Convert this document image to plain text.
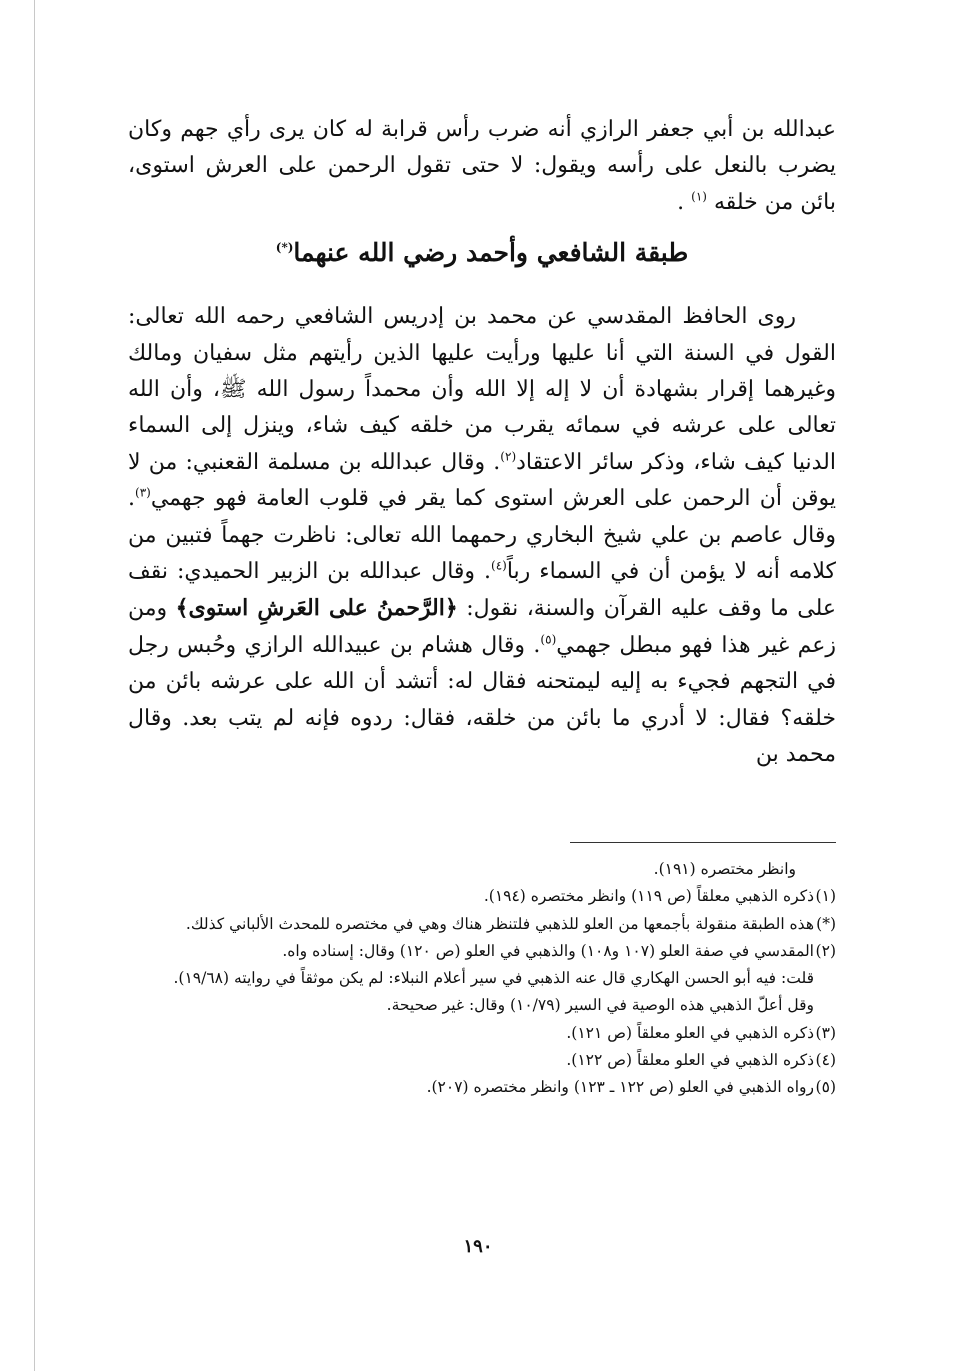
عبدالله بن أبي جعفر الرازي أنه ضرب رأس قرابة له كان يرى رأي جهم وكان يضرب بالنعل على رأسه ويقول: لا حتى تقول الرحمن على العرش استوى، بائن من خلقه $^{(١)}$ .

طبقة الشافعي وأحمد رضي الله عنهما(*)

روى الحافظ المقدسي عن محمد بن إدريس الشافعي رحمه الله تعالى: القول في السنة التي أنا عليها ورأيت عليها الذين رأيتهم مثل سفيان ومالك وغيرهما إقرار بشهادة أن لا إله إلا الله وأن محمداً رسول الله ﷺ، وأن الله تعالى على عرشه في سمائه يقرب من خلقه كيف شاء، وينزل إلى السماء الدنيا كيف شاء، وذكر سائر الاعتقاد$^{(٢)}$. وقال عبدالله بن مسلمة القعنبي: من لا يوقن أن الرحمن على العرش استوى كما يقر في قلوب العامة فهو جهمي$^{(٣)}$. وقال عاصم بن علي شيخ البخاري رحمهما الله تعالى: ناظرت جهماً فتبين من كلامه أنه لا يؤمن أن في السماء رباً$^{(٤)}$. وقال عبدالله بن الزبير الحميدي: نقف على ما وقف عليه القرآن والسنة، نقول: ﴿الرَّحمنُ على العَرشِ استوى﴾ ومن زعم غير هذا فهو مبطل جهمي$^{(٥)}$. وقال هشام بن عبيدالله الرازي وحُبس رجل في التجهم فجيء به إليه ليمتحنه فقال له: أتشد أن الله على عرشه بائن من خلقه؟ فقال: لا أدري ما بائن من خلقه، فقال: ردوه فإنه لم يتب بعد. وقال محمد بن

وانظر مختصره (١٩١).

(١)ذكره الذهبي معلقاً (ص ١١٩) وانظر مختصره (١٩٤).

(*)هذه الطبقة منقولة بأجمعها من العلو للذهبي فلتنظر هناك وهي في مختصره للمحدث الألباني كذلك.

(٢)المقدسي في صفة العلو (١٠٧ و١٠٨) والذهبي في العلو (ص ١٢٠) وقال: إسناده واه.

قلت: فيه أبو الحسن الهكاري قال عنه الذهبي في سير أعلام النبلاء: لم يكن موثقاً في روايته (١٩/٦٨).

وقل أعلّ الذهبي هذه الوصية في السير (١٠/٧٩) وقال: غير صحيحة.

(٣)ذكره الذهبي في العلو معلقاً (ص ١٢١).

(٤)ذكره الذهبي في العلو معلقاً (ص ١٢٢).

(٥)رواه الذهبي في العلو (ص ١٢٢ ـ ١٢٣) وانظر مختصره (٢٠٧).

١٩٠
